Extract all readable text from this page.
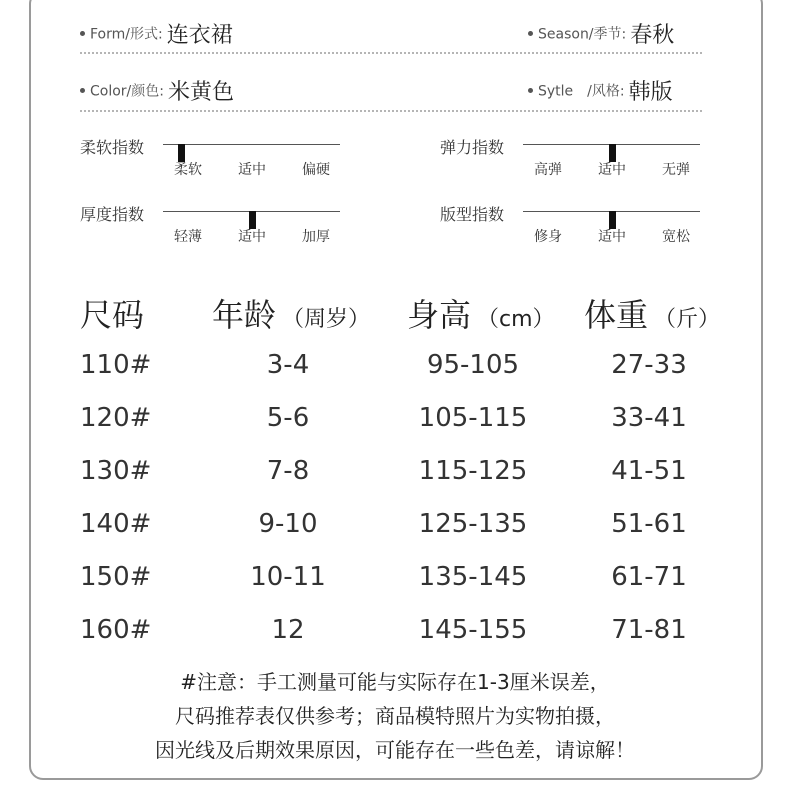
Form/形式: 连衣裙	Season/季节: 春秋
Color/颜色: 米黄色	Sytle　/风格: 韩版
柔软指数
柔软	适中	偏硬
弹力指数
高弹	适中	无弹
厚度指数
轻薄	适中	加厚
版型指数
修身	适中	宽松
尺码 年龄 （周岁） 身高 （cm） 体重 （斤）
110#	3-4	95-105	27-33
120#	5-6	105-115	33-41
130#	7-8	115-125	41-51
140#	9-10	125-135	51-61
150#	10-11	135-145	61-71
160#	12	145-155	71-81
#注意：手工测量可能与实际存在1-3厘米误差，
尺码推荐表仅供参考；商品模特照片为实物拍摄，
因光线及后期效果原因，可能存在一些色差，请谅解！
